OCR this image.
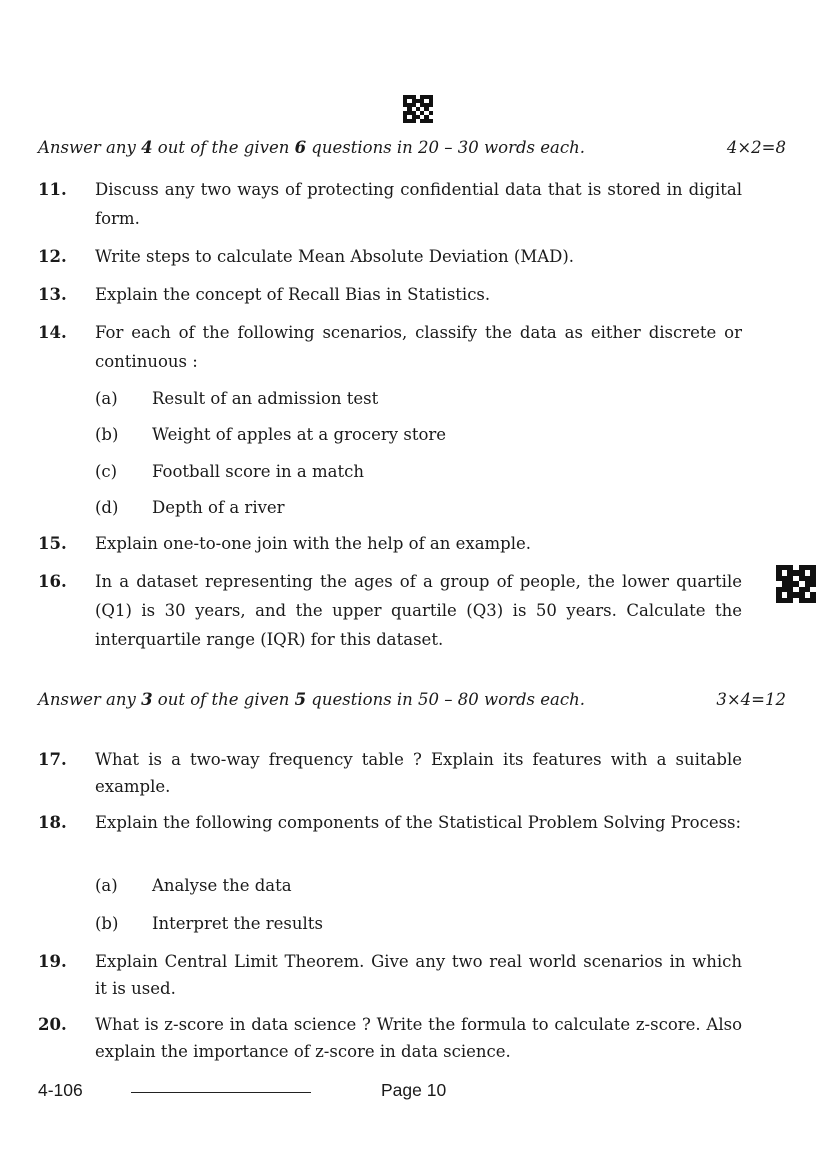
Answer any 4 out of the given 6 questions in 20 – 30 words each.	4×2=8
11.	Discuss any two ways of protecting confidential data that is stored in digital form.
12.	Write steps to calculate Mean Absolute Deviation (MAD).
13.	Explain the concept of Recall Bias in Statistics.
14.	For each of the following scenarios, classify the data as either discrete or continuous :
(a)	Result of an admission test
(b)	Weight of apples at a grocery store
(c)	Football score in a match
(d)	Depth of a river
15.	Explain one-to-one join with the help of an example.
16.	In a dataset representing the ages of a group of people, the lower quartile (Q1) is 30 years, and the upper quartile (Q3) is 50 years. Calculate the interquartile range (IQR) for this dataset.
Answer any 3 out of the given 5 questions in 50 – 80 words each.	3×4=12
17.	What is a two-way frequency table ? Explain its features with a suitable example.
18.	Explain the following components of the Statistical Problem Solving Process:
(a)	Analyse the data
(b)	Interpret the results
19.	Explain Central Limit Theorem. Give any two real world scenarios in which it is used.
20.	What is z-score in data science ? Write the formula to calculate z-score. Also explain the importance of z-score in data science.
4-106	Page 10
